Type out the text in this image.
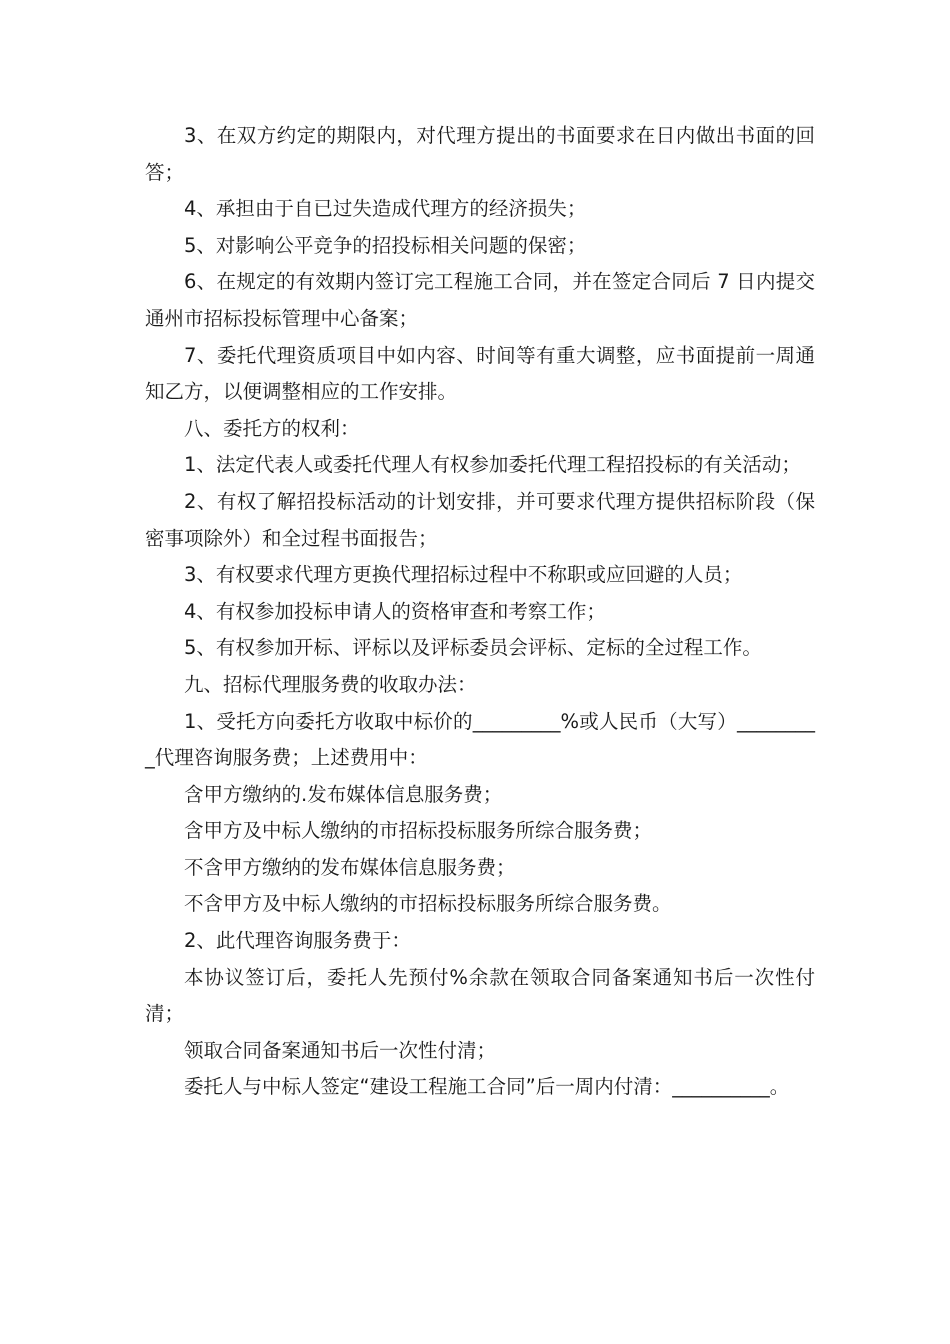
3、在双方约定的期限内，对代理方提出的书面要求在日内做出书面的回答；

4、承担由于自已过失造成代理方的经济损失；

5、对影响公平竞争的招投标相关问题的保密；

6、在规定的有效期内签订完工程施工合同，并在签定合同后 7 日内提交通州市招标投标管理中心备案；

7、委托代理资质项目中如内容、时间等有重大调整，应书面提前一周通知乙方，以便调整相应的工作安排。

八、委托方的权利：

1、法定代表人或委托代理人有权参加委托代理工程招投标的有关活动；

2、有权了解招投标活动的计划安排，并可要求代理方提供招标阶段（保密事项除外）和全过程书面报告；

3、有权要求代理方更换代理招标过程中不称职或应回避的人员；

4、有权参加投标申请人的资格审查和考察工作；

5、有权参加开标、评标以及评标委员会评标、定标的全过程工作。

九、招标代理服务费的收取办法：

1、受托方向委托方收取中标价的_________%或人民币（大写）_________代理咨询服务费；上述费用中：

含甲方缴纳的.发布媒体信息服务费；

含甲方及中标人缴纳的市招标投标服务所综合服务费；

不含甲方缴纳的发布媒体信息服务费；

不含甲方及中标人缴纳的市招标投标服务所综合服务费。

2、此代理咨询服务费于：

本协议签订后，委托人先预付%余款在领取合同备案通知书后一次性付清；

领取合同备案通知书后一次性付清；

委托人与中标人签定“建设工程施工合同”后一周内付清：__________。
